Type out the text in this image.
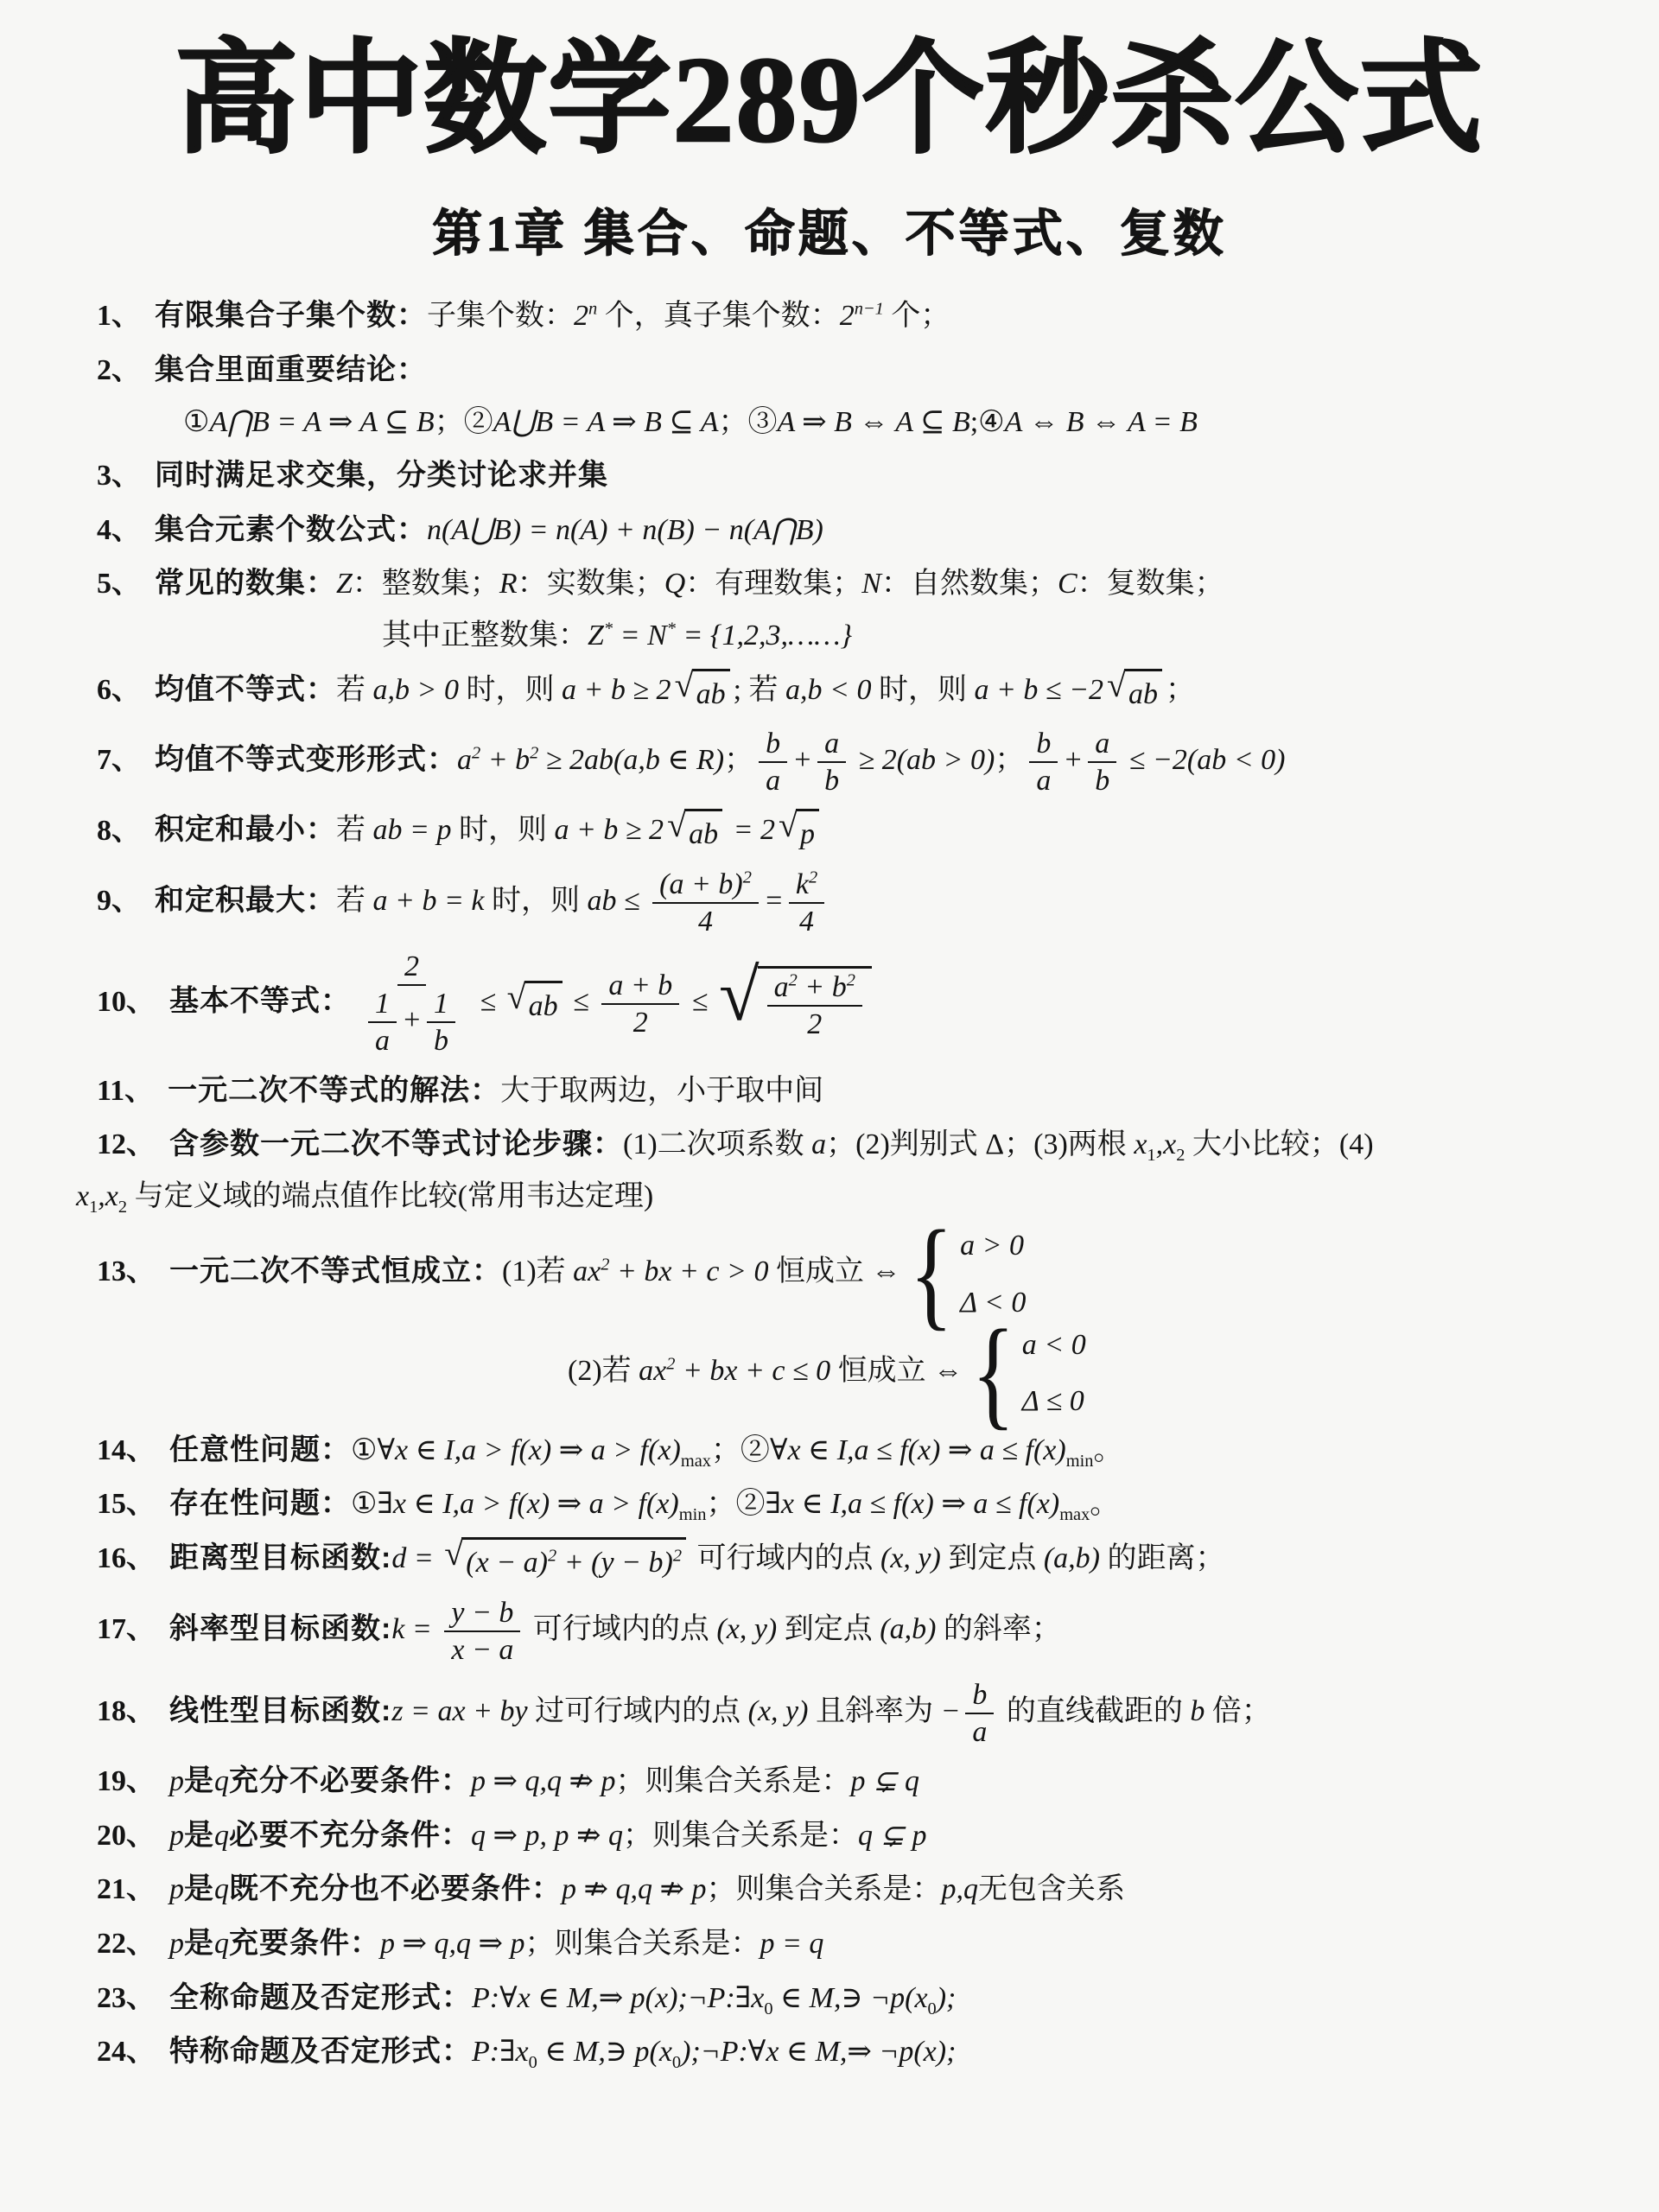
高中数学289个秒杀公式
第1章 集合、命题、不等式、复数
1、 有限集合子集个数：子集个数：2$^n$ 个，真子集个数：$2^{n-1}$ 个；
2、 集合里面重要结论：
①A⋂B = A ⇒ A ⊆ B；②A⋃B = A ⇒ B ⊆ A；③A ⇒ B ⇔ A ⊆ B;④A ⇔ B ⇔ A = B
3、 同时满足求交集，分类讨论求并集
4、 集合元素个数公式：n(A⋃B) = n(A) + n(B) − n(A⋂B)
5、 常见的数集：Z：整数集；R：实数集；Q：有理数集；N：自然数集；C：复数集；
其中正整数集：Z* = N* = {1,2,3,……}
6、 均值不等式：若 a,b > 0 时，则 a + b ≥ 2 √ ab ; 若 a,b < 0 时，则 a + b ≤ −2 √ ab ；
7、 均值不等式变形形式：$a^2 + b^2 \ge 2ab(a,b$ ∈ R)； $\frac{b}{a} + \frac{a}{b} \ge 2(ab > 0)$； $\frac{b}{a} + \frac{a}{b} \le -2(ab < 0)$
8、 积定和最小：若 ab = p 时，则 a + b ≥ 2 √ ab = 2 √ p
9、 和定积最大：若 a + b = k 时，则 ab ≤ $\frac{(a + b)^2}{4} = \frac{k^2}{4}$
10、 基本不等式： $\frac{2}{\frac{1}{a} + \frac{1}{b}}$ ≤ √ ab ≤ $\frac{a + b}{2}$ ≤ √ $\frac{a^2 + b^2}{2}$
11、 一元二次不等式的解法：大于取两边，小于取中间
12、 含参数一元二次不等式讨论步骤：(1)二次项系数 a；(2)判别式 Δ；(3)两根 $x_1,x_2$ 大小比较；(4)
$x_1,x_2$ 与定义域的端点值作比较(常用韦达定理)
13、 一元二次不等式恒成立：(1)若 $ax^2$ + bx + c > 0 恒成立 ⇔ { a > 0
Δ < 0
(2)若 $ax^2$ + bx + c ≤ 0 恒成立 ⇔ { a < 0
Δ ≤ 0
14、 任意性问题：①∀x ∈ I,a > f(x) ⇒ $a > f(x)_{max}$；②∀x ∈ I,a ≤ f(x) ⇒ $a \le f(x)_{min}$。
15、 存在性问题：①∃x ∈ I,a > f(x) ⇒ $a > f(x)_{min}$；②∃x ∈ I,a ≤ f(x) ⇒ $a \le f(x)_{max}$。
16、 距离型目标函数:d = √ $(x - a)^2 + (y - b)^2$ 可行域内的点 (x, y) 到定点 (a,b) 的距离；
17、 斜率型目标函数:k = $\frac{y - b}{x - a}$ 可行域内的点 (x, y) 到定点 (a,b) 的斜率；
18、 线性型目标函数:z = ax + by 过可行域内的点 (x, y) 且斜率为 − $\frac{b}{a}$ 的直线截距的 b 倍；
19、 p是q充分不必要条件：p ⇒ q,q ⇏ p；则集合关系是：p ⊊ q
20、 p是q必要不充分条件：q ⇒ p, p ⇏ q；则集合关系是：q ⊊ p
21、 p是q既不充分也不必要条件：p ⇏ q,q ⇏ p；则集合关系是：p,q无包含关系
22、 p是q充要条件：p ⇒ q,q ⇒ p；则集合关系是：p = q
23、 全称命题及否定形式：P:∀x ∈ M,⇒ $p(x);\neg P:\exists x_0$ ∈ M,∋ $\neg p(x_0)$;
24、 特称命题及否定形式：$P:\exists x_0$ ∈ M,∋ $p(x_0);\neg P:\forall x$ ∈ M,⇒ ¬p(x);
